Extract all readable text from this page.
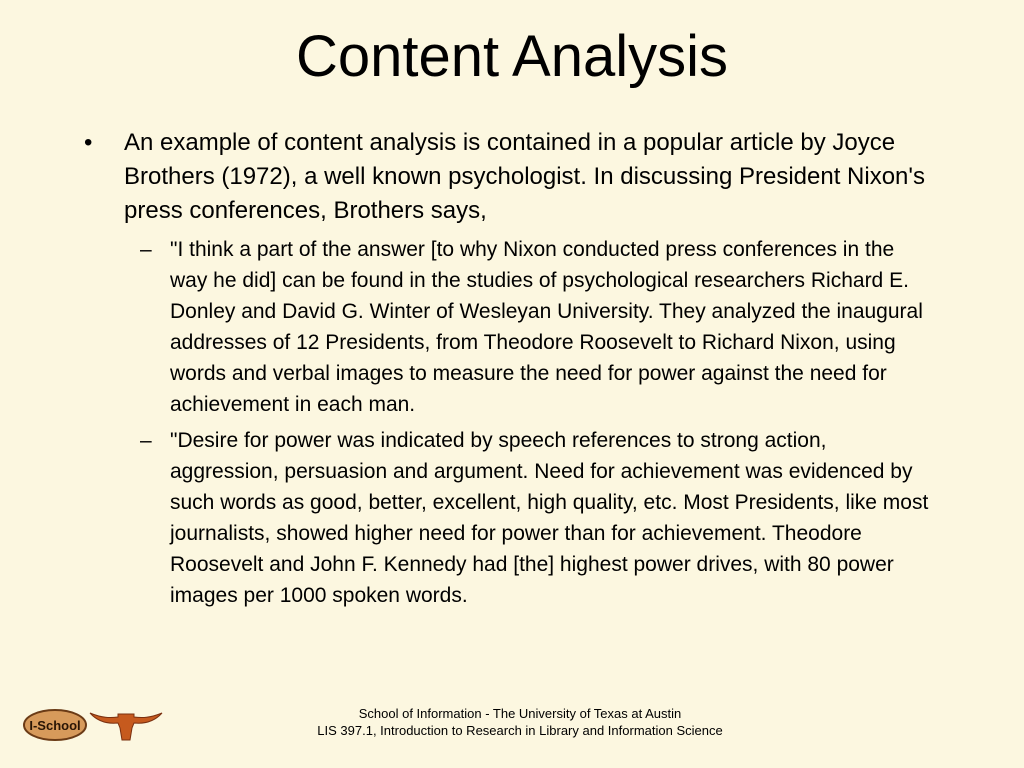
Content Analysis

•	An example of content analysis is contained in a popular article by Joyce Brothers (1972), a well known psychologist. In discussing President Nixon's press conferences, Brothers says,

– "I think a part of the answer [to why Nixon conducted press conferences in the way he did] can be found in the studies of psychological researchers Richard E. Donley and David G. Winter of Wesleyan University. They analyzed the inaugural addresses of 12 Presidents, from Theodore Roosevelt to Richard Nixon, using words and verbal images to measure the need for power against the need for achievement in each man.

– "Desire for power was indicated by speech references to strong action, aggression, persuasion and argument. Need for achievement was evidenced by such words as good, better, excellent, high quality, etc. Most Presidents, like most journalists, showed higher need for power than for achievement. Theodore Roosevelt and John F. Kennedy had [the] highest power drives, with 80 power images per 1000 spoken words.

I-School
School of Information - The University of Texas at Austin
LIS 397.1, Introduction to Research in Library and Information Science
